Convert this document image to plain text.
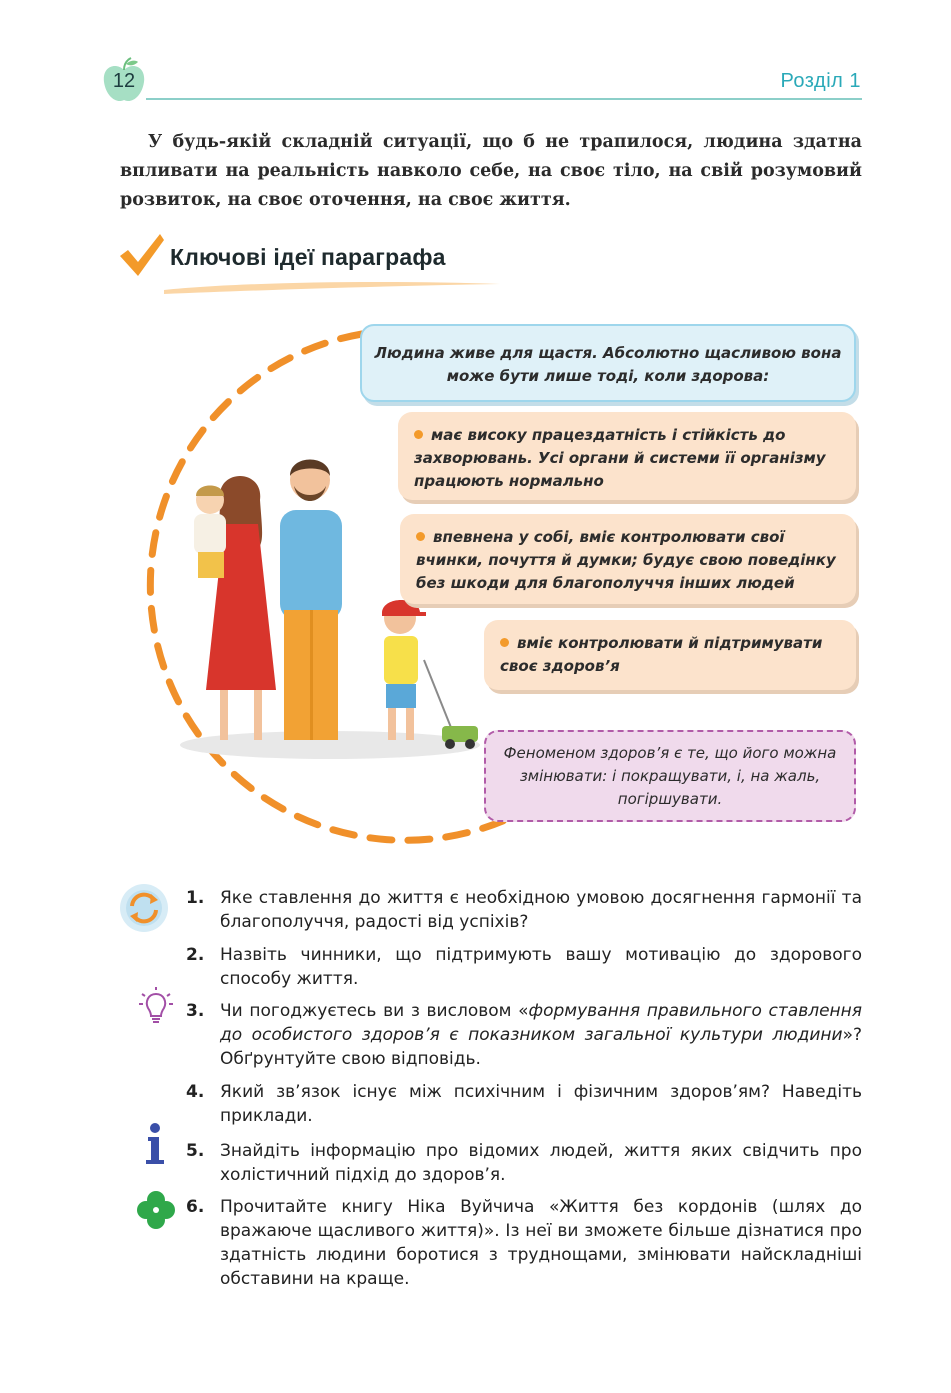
12	Розділ 1

У будь-якій складній ситуації, що б не трапилося, людина здатна впливати на реальність навколо себе, на своє тіло, на свій розумовий розвиток, на своє оточення, на своє життя.

Ключові ідеї параграфа
Людина живе для щастя. Абсолютно щасливою вона може бути лише тоді, коли здорова:
має високу працездатність і стійкість до захворювань. Усі органи й системи її організму працюють нормально
впевнена у собі, вміє контролювати свої вчинки, почуття й думки; будує свою поведінку без шкоди для благополуччя інших людей
вміє контролювати й підтримувати своє здоров’я
Феноменом здоров’я є те, що його можна змінювати: і покращувати, і, на жаль, погіршувати.
1. Яке ставлення до життя є необхідною умовою досягнення гармонії та благополуччя, радості від успіхів?
2. Назвіть чинники, що підтримують вашу мотивацію до здорового способу життя.
3. Чи погоджуєтесь ви з висловом «формування правильного ставлення до особистого здоров’я є показником загальної культури людини»? Обґрунтуйте свою відповідь.
4. Який зв’язок існує між психічним і фізичним здоров’ям? Наведіть приклади.
5. Знайдіть інформацію про відомих людей, життя яких свідчить про холістичний підхід до здоров’я.
6. Прочитайте книгу Ніка Вуйчича «Життя без кордонів (шлях до вражаюче щасливого життя)». Із неї ви зможете більше дізнатися про здатність людини боротися з труднощами, змінювати найскладніші обставини на краще.
